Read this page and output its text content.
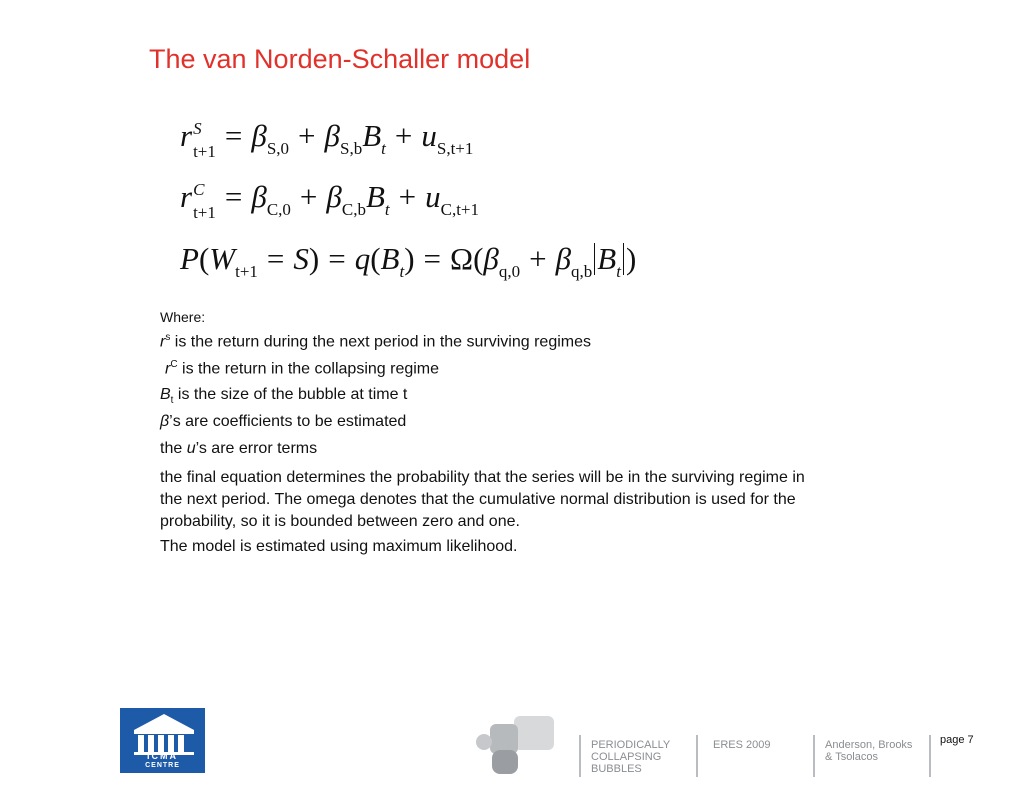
The van Norden-Schaller model
r S
$t+1 = \beta_{S,0} + \beta_{S,b}B_t + u_{S,t+1}$
r C
$t+1 = \beta_{C,0} + \beta_{C,b}B_t + u_{C,t+1}$
$P(W_{t+1} = S) = q(B_t) = \Omega(\beta_{q,0} + \beta_{q,b}$ $B_t$ )
Where:
$r^s$ is the return during the next period in the surviving regimes
$r^C$ is the return in the collapsing regime
$B_t$ is the size of the bubble at time t
β’s are coefficients to be estimated
the u’s are error terms
the final equation determines the probability that the series will be in the surviving regime in the next period. The omega denotes that the cumulative normal distribution is used for the probability, so it is bounded between zero and one.
The model is estimated using maximum likelihood.
ICMA
CENTRE
PERIODICALLY
COLLAPSING
BUBBLES
ERES 2009	Anderson, Brooks
& Tsolacos
page 7
